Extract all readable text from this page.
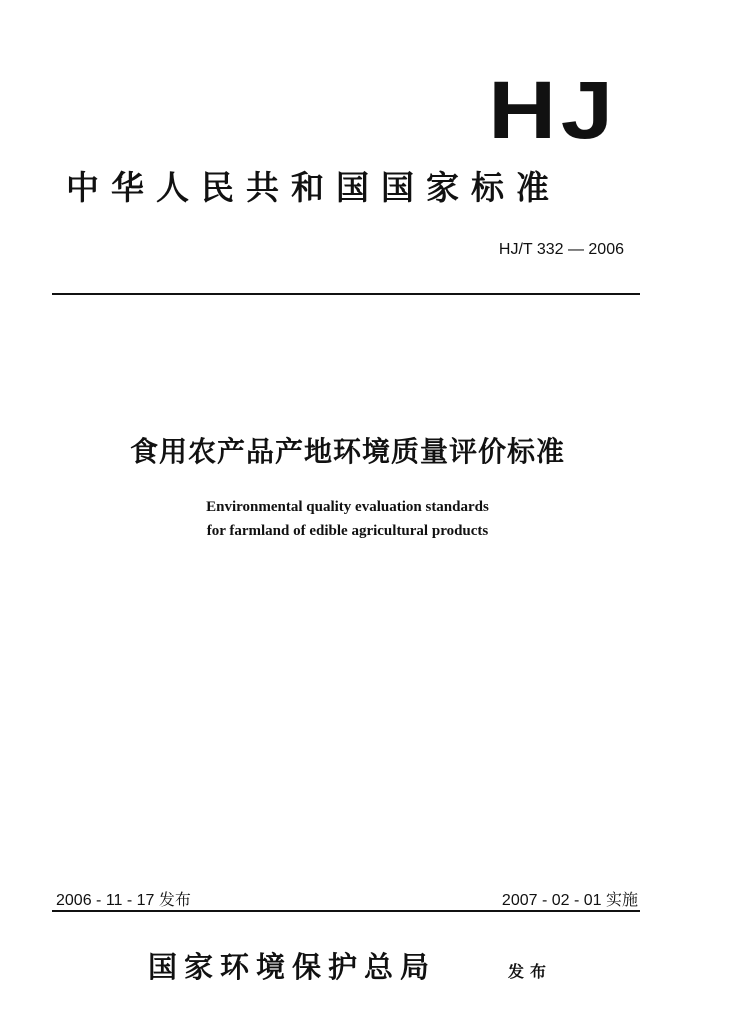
HJ
中华人民共和国国家标准
HJ/T 332 — 2006
食用农产品产地环境质量评价标准
Environmental quality evaluation standards
for farmland of edible agricultural products
2006 - 11 - 17 发布	2007 - 02 - 01 实施
国家环境保护总局	发布
